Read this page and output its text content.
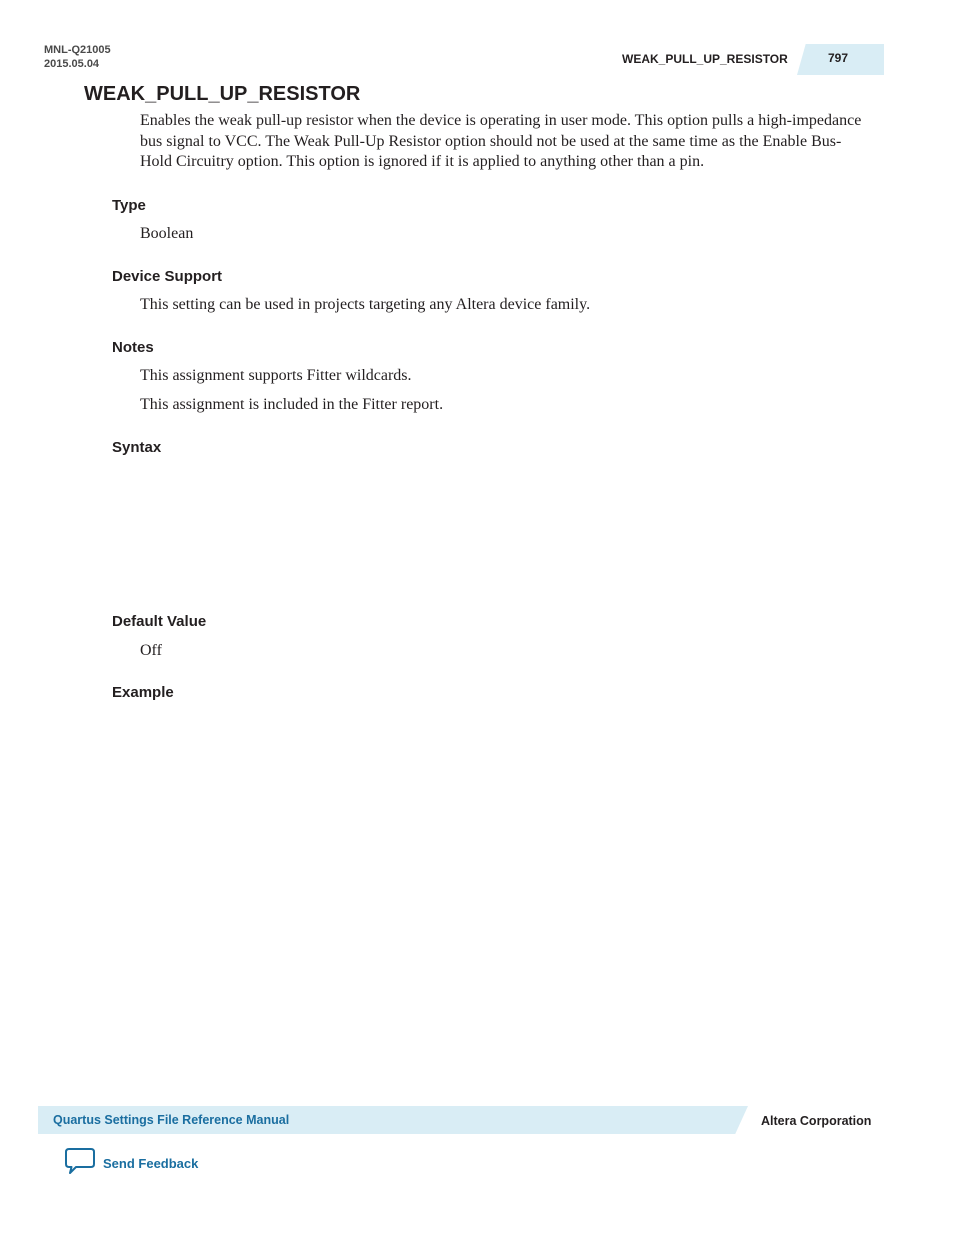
MNL-Q21005
2015.05.04	WEAK_PULL_UP_RESISTOR	797
WEAK_PULL_UP_RESISTOR

Enables the weak pull-up resistor when the device is operating in user mode. This option pulls a high-impedance bus signal to VCC. The Weak Pull-Up Resistor option should not be used at the same time as the Enable Bus-Hold Circuitry option. This option is ignored if it is applied to anything other than a pin.

Type

Boolean

Device Support

This setting can be used in projects targeting any Altera device family.

Notes

This assignment supports Fitter wildcards.

This assignment is included in the Fitter report.

Syntax
Default Value

Off

Example
Quartus Settings File Reference Manual	Altera Corporation
Send Feedback
